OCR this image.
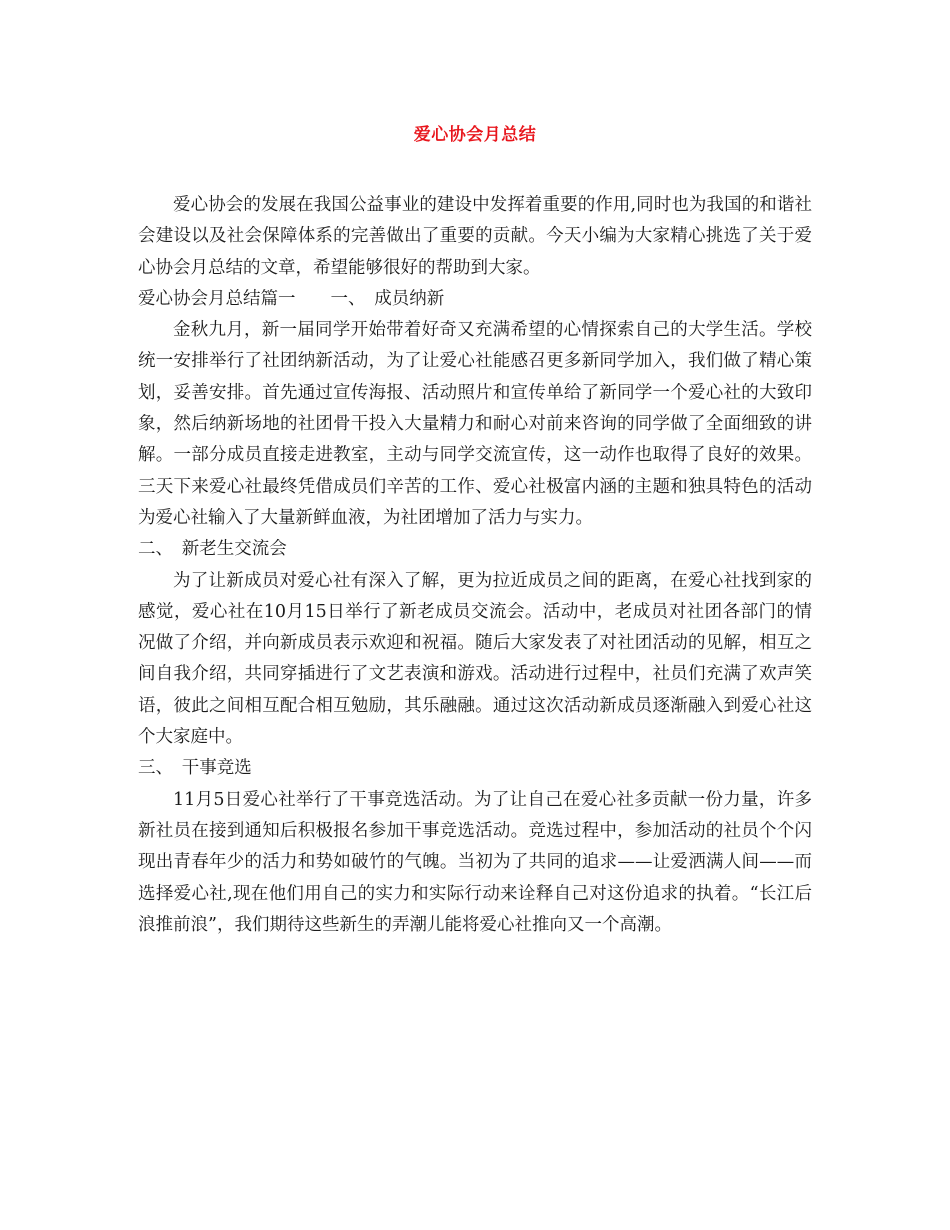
爱心协会月总结

爱心协会的发展在我国公益事业的建设中发挥着重要的作用,同时也为我国的和谐社会建设以及社会保障体系的完善做出了重要的贡献。今天小编为大家精心挑选了关于爱心协会月总结的文章，希望能够很好的帮助到大家。

爱心协会月总结篇一　　一、　成员纳新

金秋九月，新一届同学开始带着好奇又充满希望的心情探索自己的大学生活。学校统一安排举行了社团纳新活动，为了让爱心社能感召更多新同学加入，我们做了精心策划，妥善安排。首先通过宣传海报、活动照片和宣传单给了新同学一个爱心社的大致印象，然后纳新场地的社团骨干投入大量精力和耐心对前来咨询的同学做了全面细致的讲解。一部分成员直接走进教室，主动与同学交流宣传，这一动作也取得了良好的效果。三天下来爱心社最终凭借成员们辛苦的工作、爱心社极富内涵的主题和独具特色的活动为爱心社输入了大量新鲜血液，为社团增加了活力与实力。

二、　新老生交流会

为了让新成员对爱心社有深入了解，更为拉近成员之间的距离，在爱心社找到家的感觉，爱心社在10月15日举行了新老成员交流会。活动中，老成员对社团各部门的情况做了介绍，并向新成员表示欢迎和祝福。随后大家发表了对社团活动的见解，相互之间自我介绍，共同穿插进行了文艺表演和游戏。活动进行过程中，社员们充满了欢声笑语，彼此之间相互配合相互勉励，其乐融融。通过这次活动新成员逐渐融入到爱心社这个大家庭中。

三、　干事竞选

11月5日爱心社举行了干事竞选活动。为了让自己在爱心社多贡献一份力量，许多新社员在接到通知后积极报名参加干事竞选活动。竞选过程中，参加活动的社员个个闪现出青春年少的活力和势如破竹的气魄。当初为了共同的追求——让爱洒满人间——而选择爱心社,现在他们用自己的实力和实际行动来诠释自己对这份追求的执着。“长江后浪推前浪”，我们期待这些新生的弄潮儿能将爱心社推向又一个高潮。
